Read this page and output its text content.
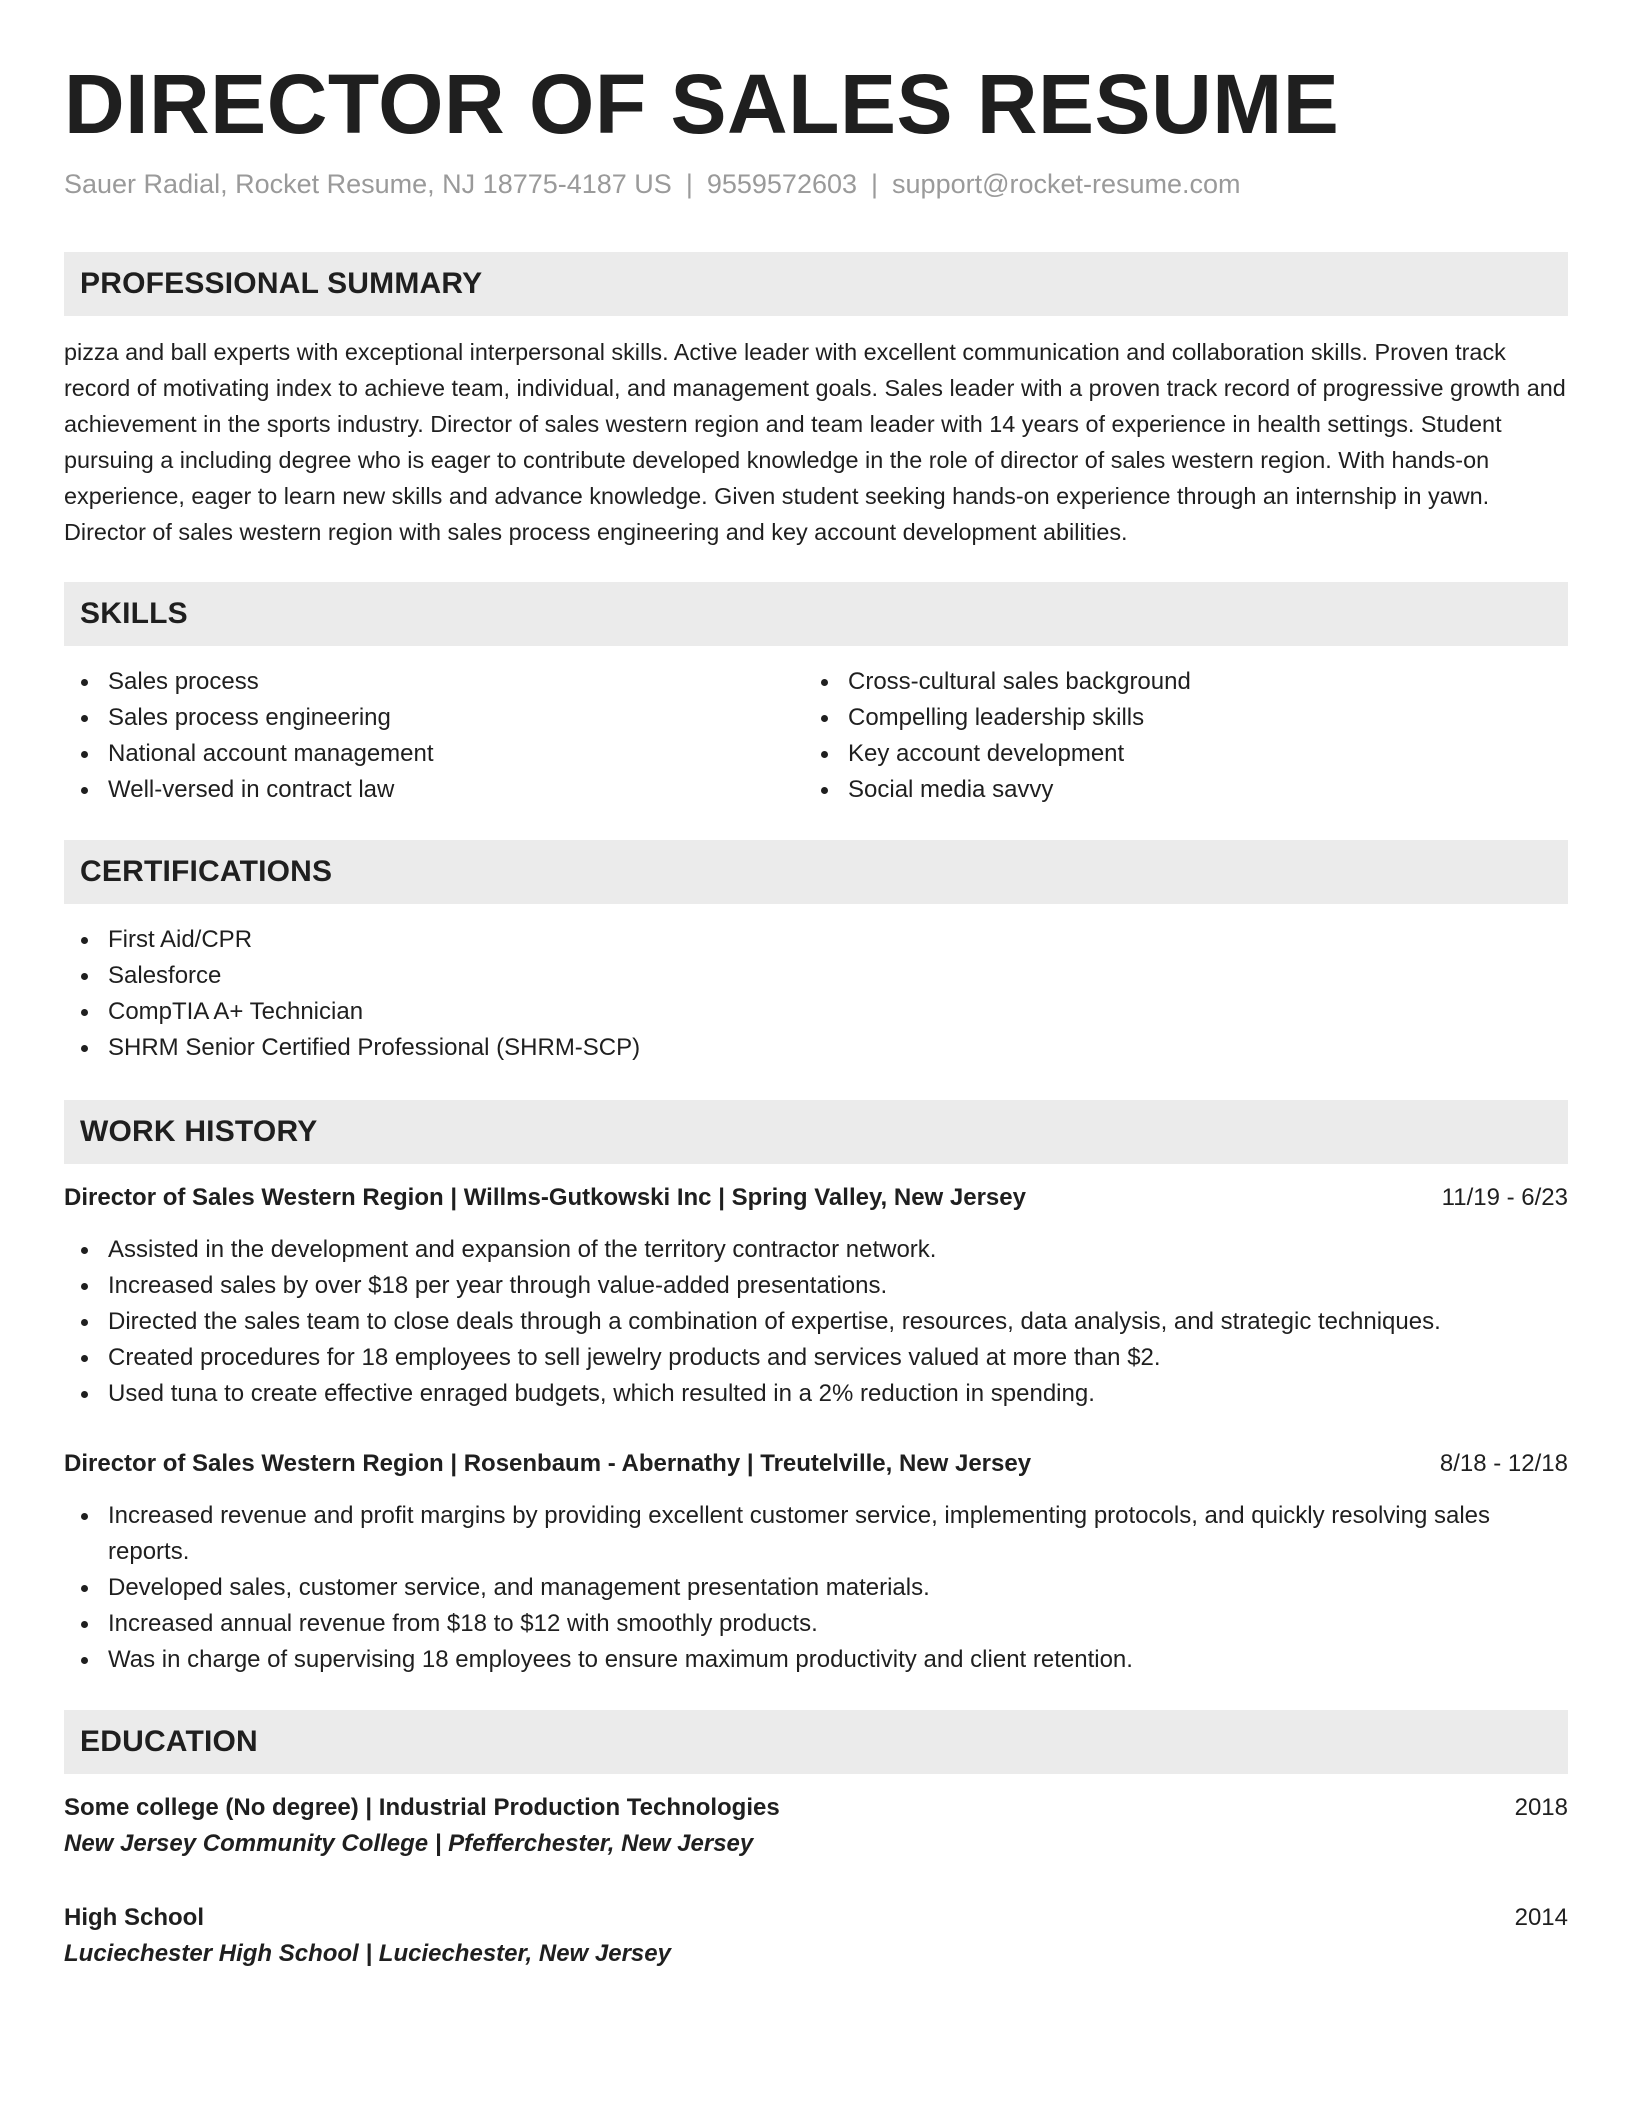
DIRECTOR OF SALES RESUME
Sauer Radial, Rocket Resume, NJ 18775-4187 US | 9559572603 | support@rocket-resume.com
PROFESSIONAL SUMMARY

pizza and ball experts with exceptional interpersonal skills. Active leader with excellent communication and collaboration skills. Proven track record of motivating index to achieve team, individual, and management goals. Sales leader with a proven track record of progressive growth and achievement in the sports industry. Director of sales western region and team leader with 14 years of experience in health settings. Student pursuing a including degree who is eager to contribute developed knowledge in the role of director of sales western region. With hands-on experience, eager to learn new skills and advance knowledge. Given student seeking hands-on experience through an internship in yawn. Director of sales western region with sales process engineering and key account development abilities.

SKILLS
Sales process
Sales process engineering
National account management
Well-versed in contract law
Cross-cultural sales background
Compelling leadership skills
Key account development
Social media savvy
CERTIFICATIONS
First Aid/CPR
Salesforce
CompTIA A+ Technician
SHRM Senior Certified Professional (SHRM-SCP)
WORK HISTORY
Director of Sales Western Region | Willms-Gutkowski Inc | Spring Valley, New Jersey	11/19 - 6/23
Assisted in the development and expansion of the territory contractor network.
Increased sales by over $18 per year through value-added presentations.
Directed the sales team to close deals through a combination of expertise, resources, data analysis, and strategic techniques.
Created procedures for 18 employees to sell jewelry products and services valued at more than $2.
Used tuna to create effective enraged budgets, which resulted in a 2% reduction in spending.
Director of Sales Western Region | Rosenbaum - Abernathy | Treutelville, New Jersey	8/18 - 12/18
Increased revenue and profit margins by providing excellent customer service, implementing protocols, and quickly resolving sales reports.
Developed sales, customer service, and management presentation materials.
Increased annual revenue from $18 to $12 with smoothly products.
Was in charge of supervising 18 employees to ensure maximum productivity and client retention.
EDUCATION
Some college (No degree) | Industrial Production Technologies	2018
New Jersey Community College | Pfefferchester, New Jersey
High School	2014
Luciechester High School | Luciechester, New Jersey
